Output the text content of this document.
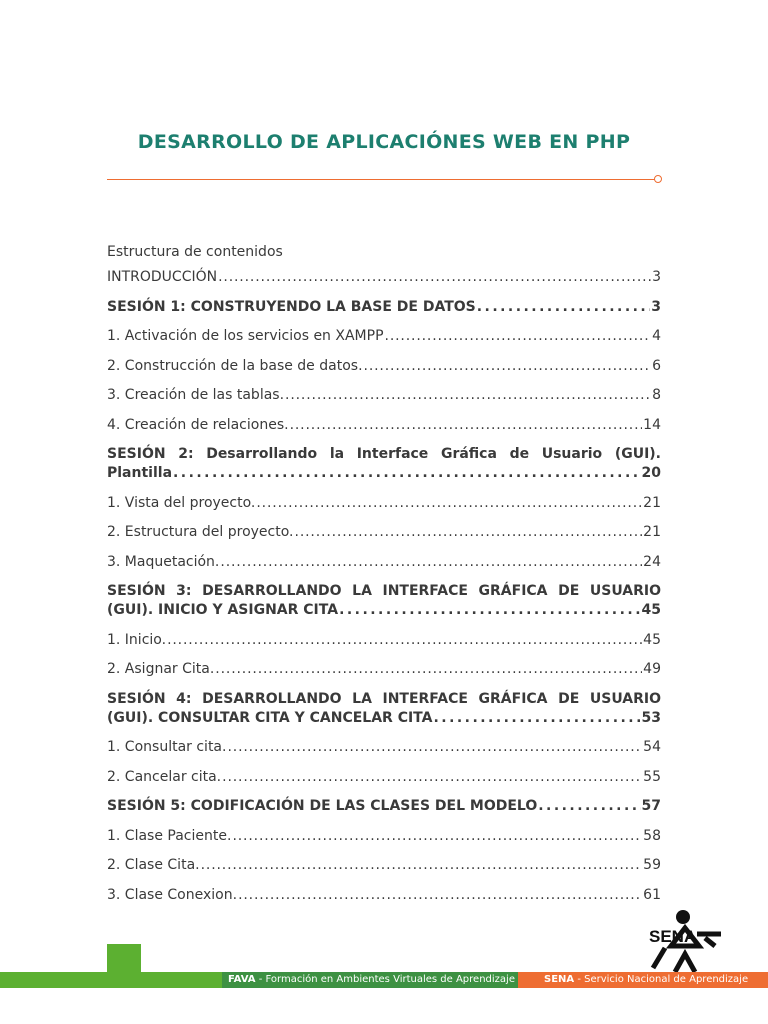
DESARROLLO DE APLICACIÓNES WEB EN PHP
Estructura de contenidos
INTRODUCCIÓN . . .	3
SESIÓN 1: CONSTRUYENDO LA BASE DE DATOS . . .	3
1. Activación de los servicios en XAMPP . . .	4
2. Construcción de la base de datos. . . .	6
3. Creación de las tablas. . . .	8
4. Creación de relaciones. . . .	14
SESIÓN 2: Desarrollando la Interface Gráfica de Usuario (GUI).
Plantilla . . .	20
1. Vista del proyecto. . . .	21
2. Estructura del proyecto. . . .	21
3. Maquetación. . . .	24
SESIÓN 3: DESARROLLANDO LA INTERFACE GRÁFICA DE USUARIO
(GUI). INICIO Y ASIGNAR CITA . . .	45
1. Inicio. . . .	45
2. Asignar Cita. . . .	49
SESIÓN 4: DESARROLLANDO LA INTERFACE GRÁFICA DE USUARIO
(GUI). CONSULTAR CITA Y CANCELAR CITA . . .	53
1. Consultar cita. . . .	54
2. Cancelar cita. . . .	55
SESIÓN 5: CODIFICACIÓN DE LAS CLASES DEL MODELO . . .	57
1. Clase Paciente. . . .	58
2. Clase Cita. . . .	59
3. Clase Conexion. . . .	61
FAVA - Formación en Ambientes Virtuales de Aprendizaje	SENA - Servicio Nacional de Aprendizaje
SENA
